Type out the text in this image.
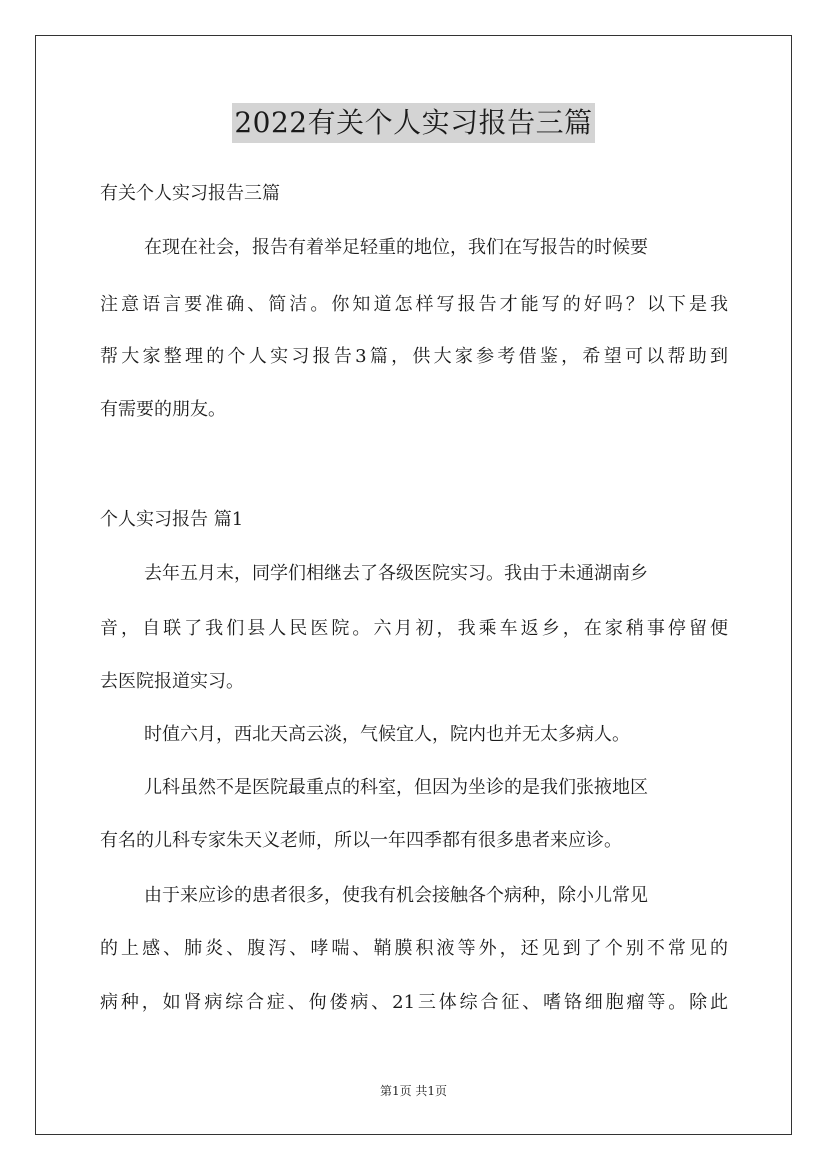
2022有关个人实习报告三篇
有关个人实习报告三篇
在现在社会，报告有着举足轻重的地位，我们在写报告的时候要
注意语言要准确、简洁。你知道怎样写报告才能写的好吗？以下是我
帮大家整理的个人实习报告3篇，供大家参考借鉴，希望可以帮助到
有需要的朋友。
个人实习报告 篇1
去年五月末，同学们相继去了各级医院实习。我由于未通湖南乡
音，自联了我们县人民医院。六月初，我乘车返乡，在家稍事停留便
去医院报道实习。
时值六月，西北天高云淡，气候宜人，院内也并无太多病人。
儿科虽然不是医院最重点的科室，但因为坐诊的是我们张掖地区
有名的儿科专家朱天义老师，所以一年四季都有很多患者来应诊。
由于来应诊的患者很多，使我有机会接触各个病种，除小儿常见
的上感、肺炎、腹泻、哮喘、鞘膜积液等外，还见到了个别不常见的
病种，如肾病综合症、佝偻病、21三体综合征、嗜铬细胞瘤等。除此
第1页 共1页
